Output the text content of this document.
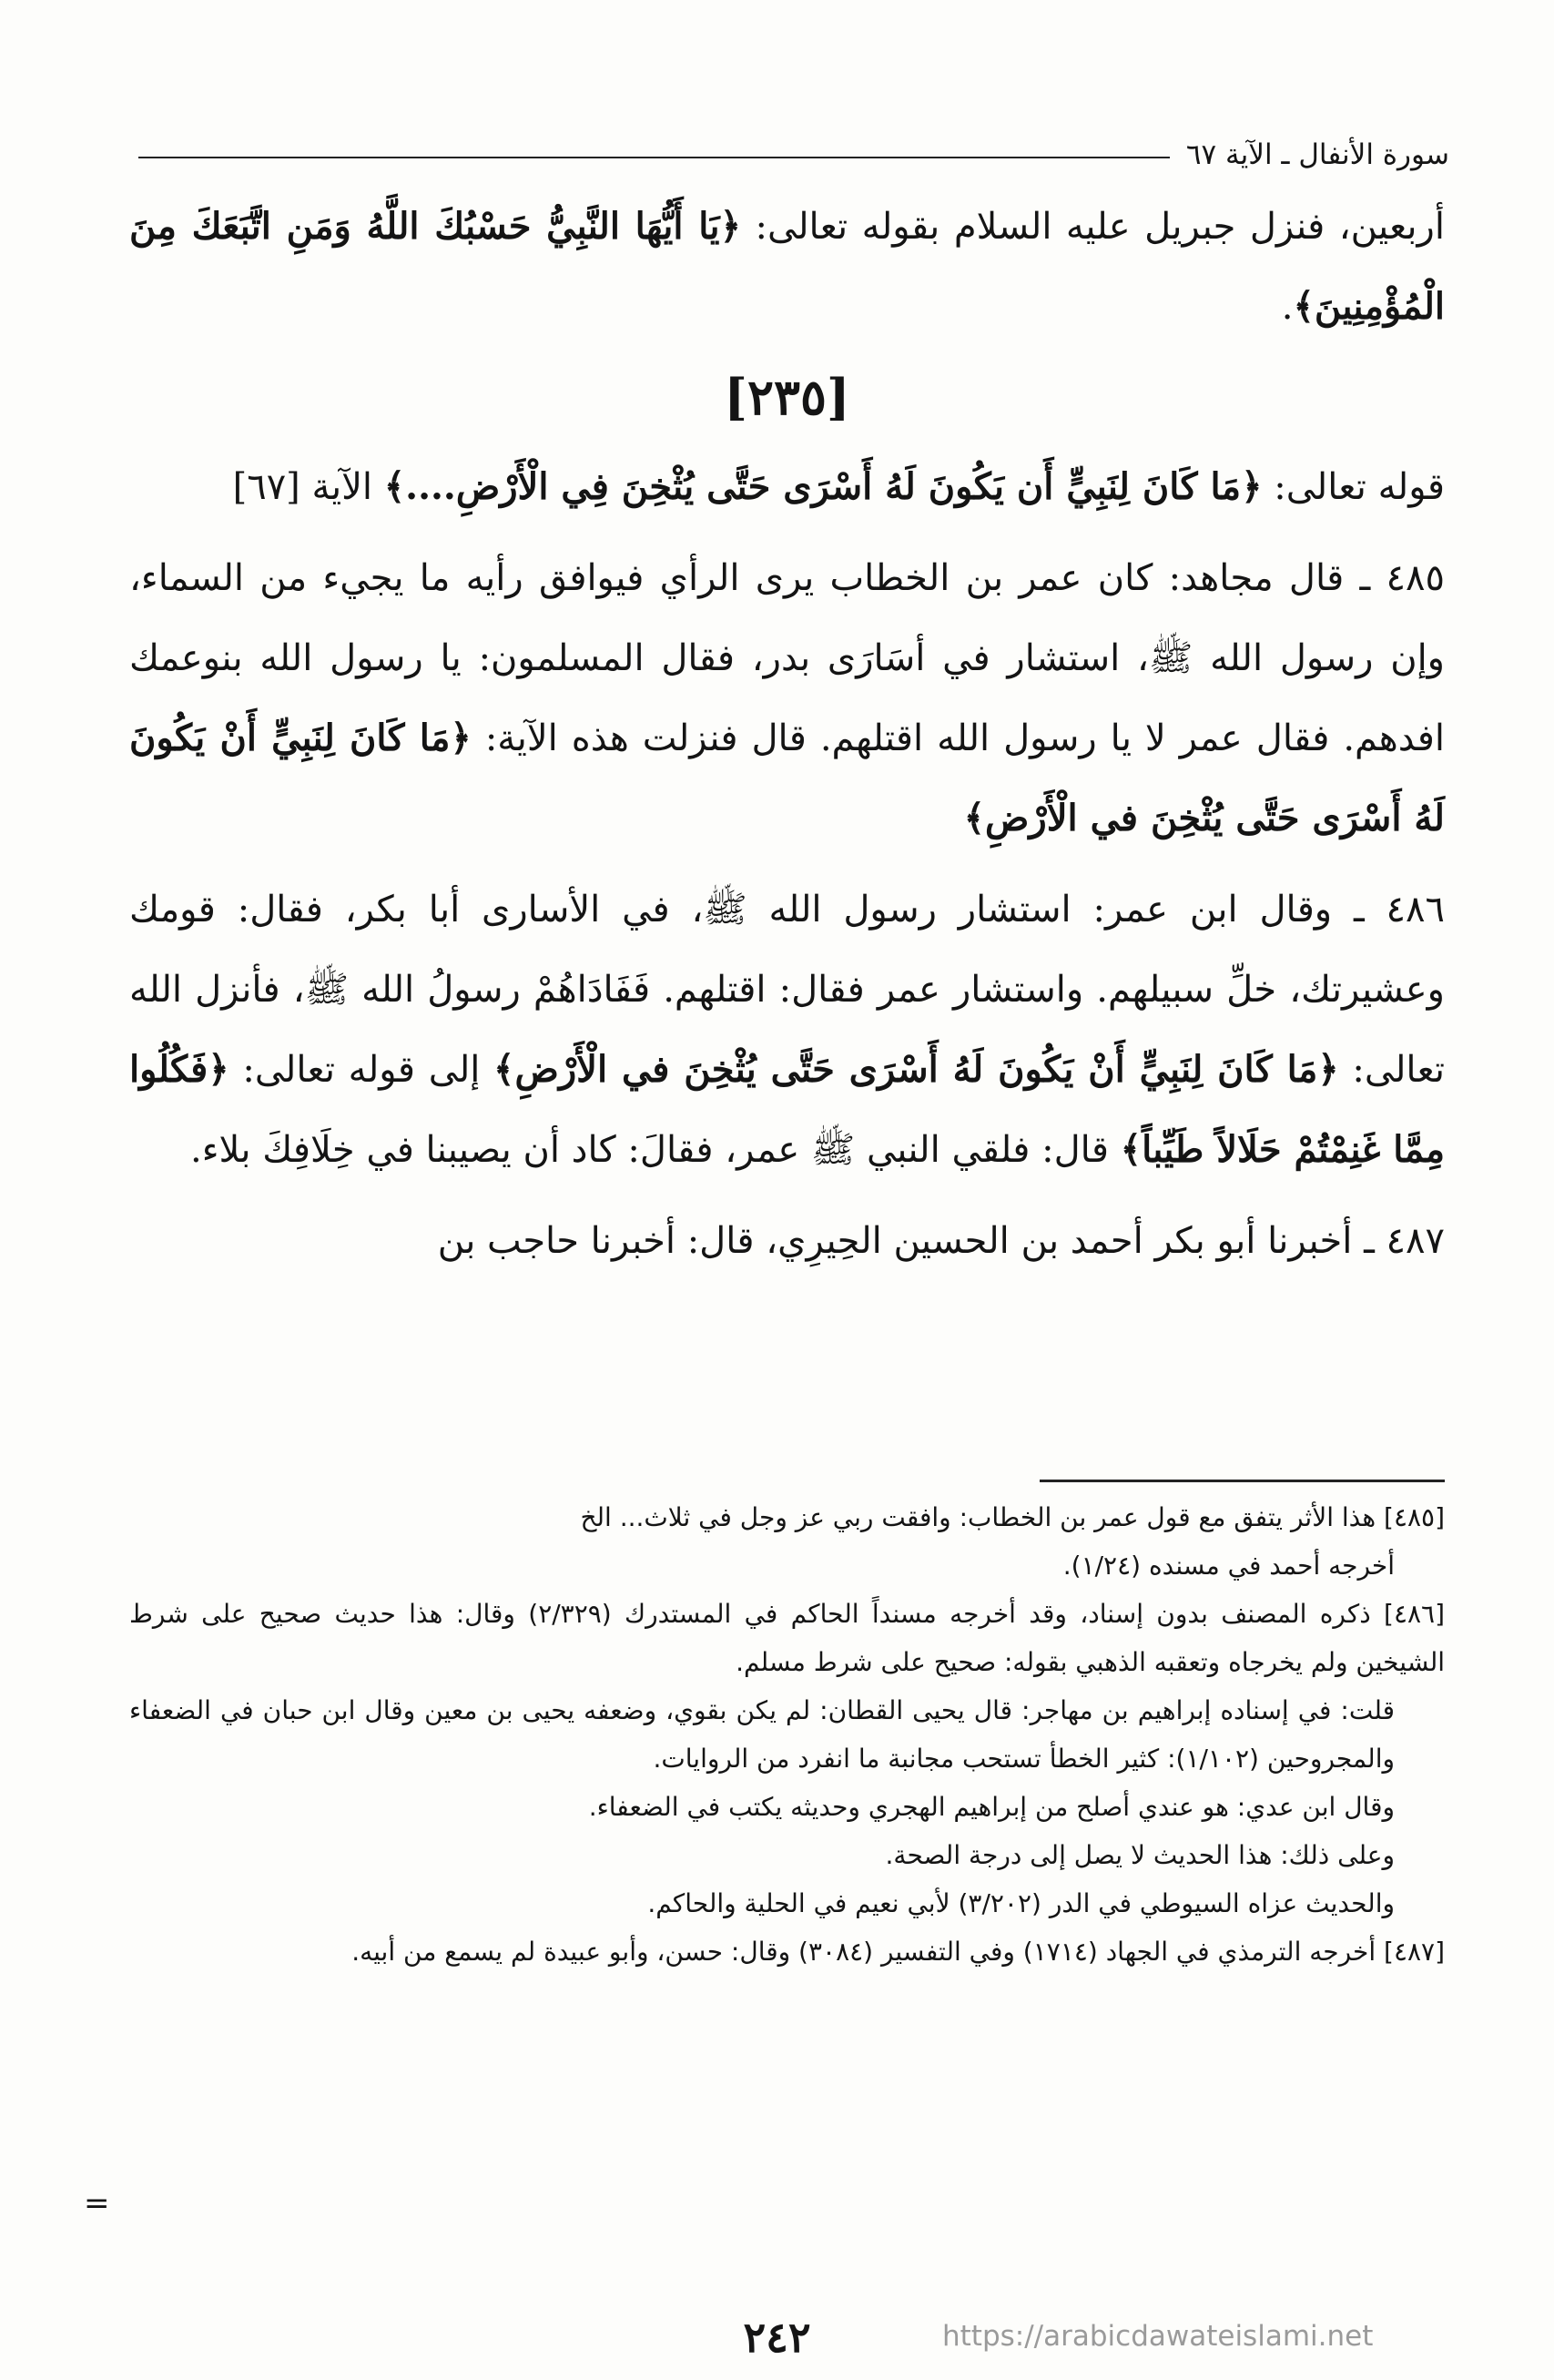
سورة الأنفال ـ الآية ٦٧

أربعين، فنزل جبريل عليه السلام بقوله تعالى: ﴿يَا أَيُّهَا النَّبِيُّ حَسْبُكَ اللَّهُ وَمَنِ اتَّبَعَكَ مِنَ الْمُؤْمِنِينَ﴾.

[٢٣٥]

قوله تعالى: ﴿مَا كَانَ لِنَبِيٍّ أَن يَكُونَ لَهُ أَسْرَى حَتَّى يُثْخِنَ فِي الْأَرْضِ....﴾ الآية [٦٧]

٤٨٥ ـ قال مجاهد: كان عمر بن الخطاب يرى الرأي فيوافق رأيه ما يجيء من السماء، وإن رسول الله ﷺ، استشار في أسَارَى بدر، فقال المسلمون: يا رسول الله بنوعمك افدهم. فقال عمر لا يا رسول الله اقتلهم. قال فنزلت هذه الآية: ﴿مَا كَانَ لِنَبِيٍّ أَنْ يَكُونَ لَهُ أَسْرَى حَتَّى يُثْخِنَ في الْأَرْضِ﴾

٤٨٦ ـ وقال ابن عمر: استشار رسول الله ﷺ، في الأسارى أبا بكر، فقال: قومك وعشيرتك، خلِّ سبيلهم. واستشار عمر فقال: اقتلهم. فَفَادَاهُمْ رسولُ الله ﷺ، فأنزل الله تعالى: ﴿مَا كَانَ لِنَبِيٍّ أَنْ يَكُونَ لَهُ أَسْرَى حَتَّى يُثْخِنَ في الْأَرْضِ﴾ إلى قوله تعالى: ﴿فَكُلُوا مِمَّا غَنِمْتُمْ حَلَالاً طَيِّباً﴾ قال: فلقي النبي ﷺ عمر، فقالَ: كاد أن يصيبنا في خِلَافِكَ بلاء.

٤٨٧ ـ أخبرنا أبو بكر أحمد بن الحسين الحِيرِي، قال: أخبرنا حاجب بن

[٤٨٥] هذا الأثر يتفق مع قول عمر بن الخطاب: وافقت ربي عز وجل في ثلاث... الخ

أخرجه أحمد في مسنده (١/٢٤).

[٤٨٦] ذكره المصنف بدون إسناد، وقد أخرجه مسنداً الحاكم في المستدرك (٢/٣٢٩) وقال: هذا حديث صحيح على شرط الشيخين ولم يخرجاه وتعقبه الذهبي بقوله: صحيح على شرط مسلم.

قلت: في إسناده إبراهيم بن مهاجر: قال يحيى القطان: لم يكن بقوي، وضعفه يحيى بن معين وقال ابن حبان في الضعفاء والمجروحين (١/١٠٢): كثير الخطأ تستحب مجانبة ما انفرد من الروايات.

وقال ابن عدي: هو عندي أصلح من إبراهيم الهجري وحديثه يكتب في الضعفاء.

وعلى ذلك: هذا الحديث لا يصل إلى درجة الصحة.

والحديث عزاه السيوطي في الدر (٣/٢٠٢) لأبي نعيم في الحلية والحاكم.

[٤٨٧] أخرجه الترمذي في الجهاد (١٧١٤) وفي التفسير (٣٠٨٤) وقال: حسن، وأبو عبيدة لم يسمع من أبيه.

=
٢٤٢	https://arabicdawateislami.net
